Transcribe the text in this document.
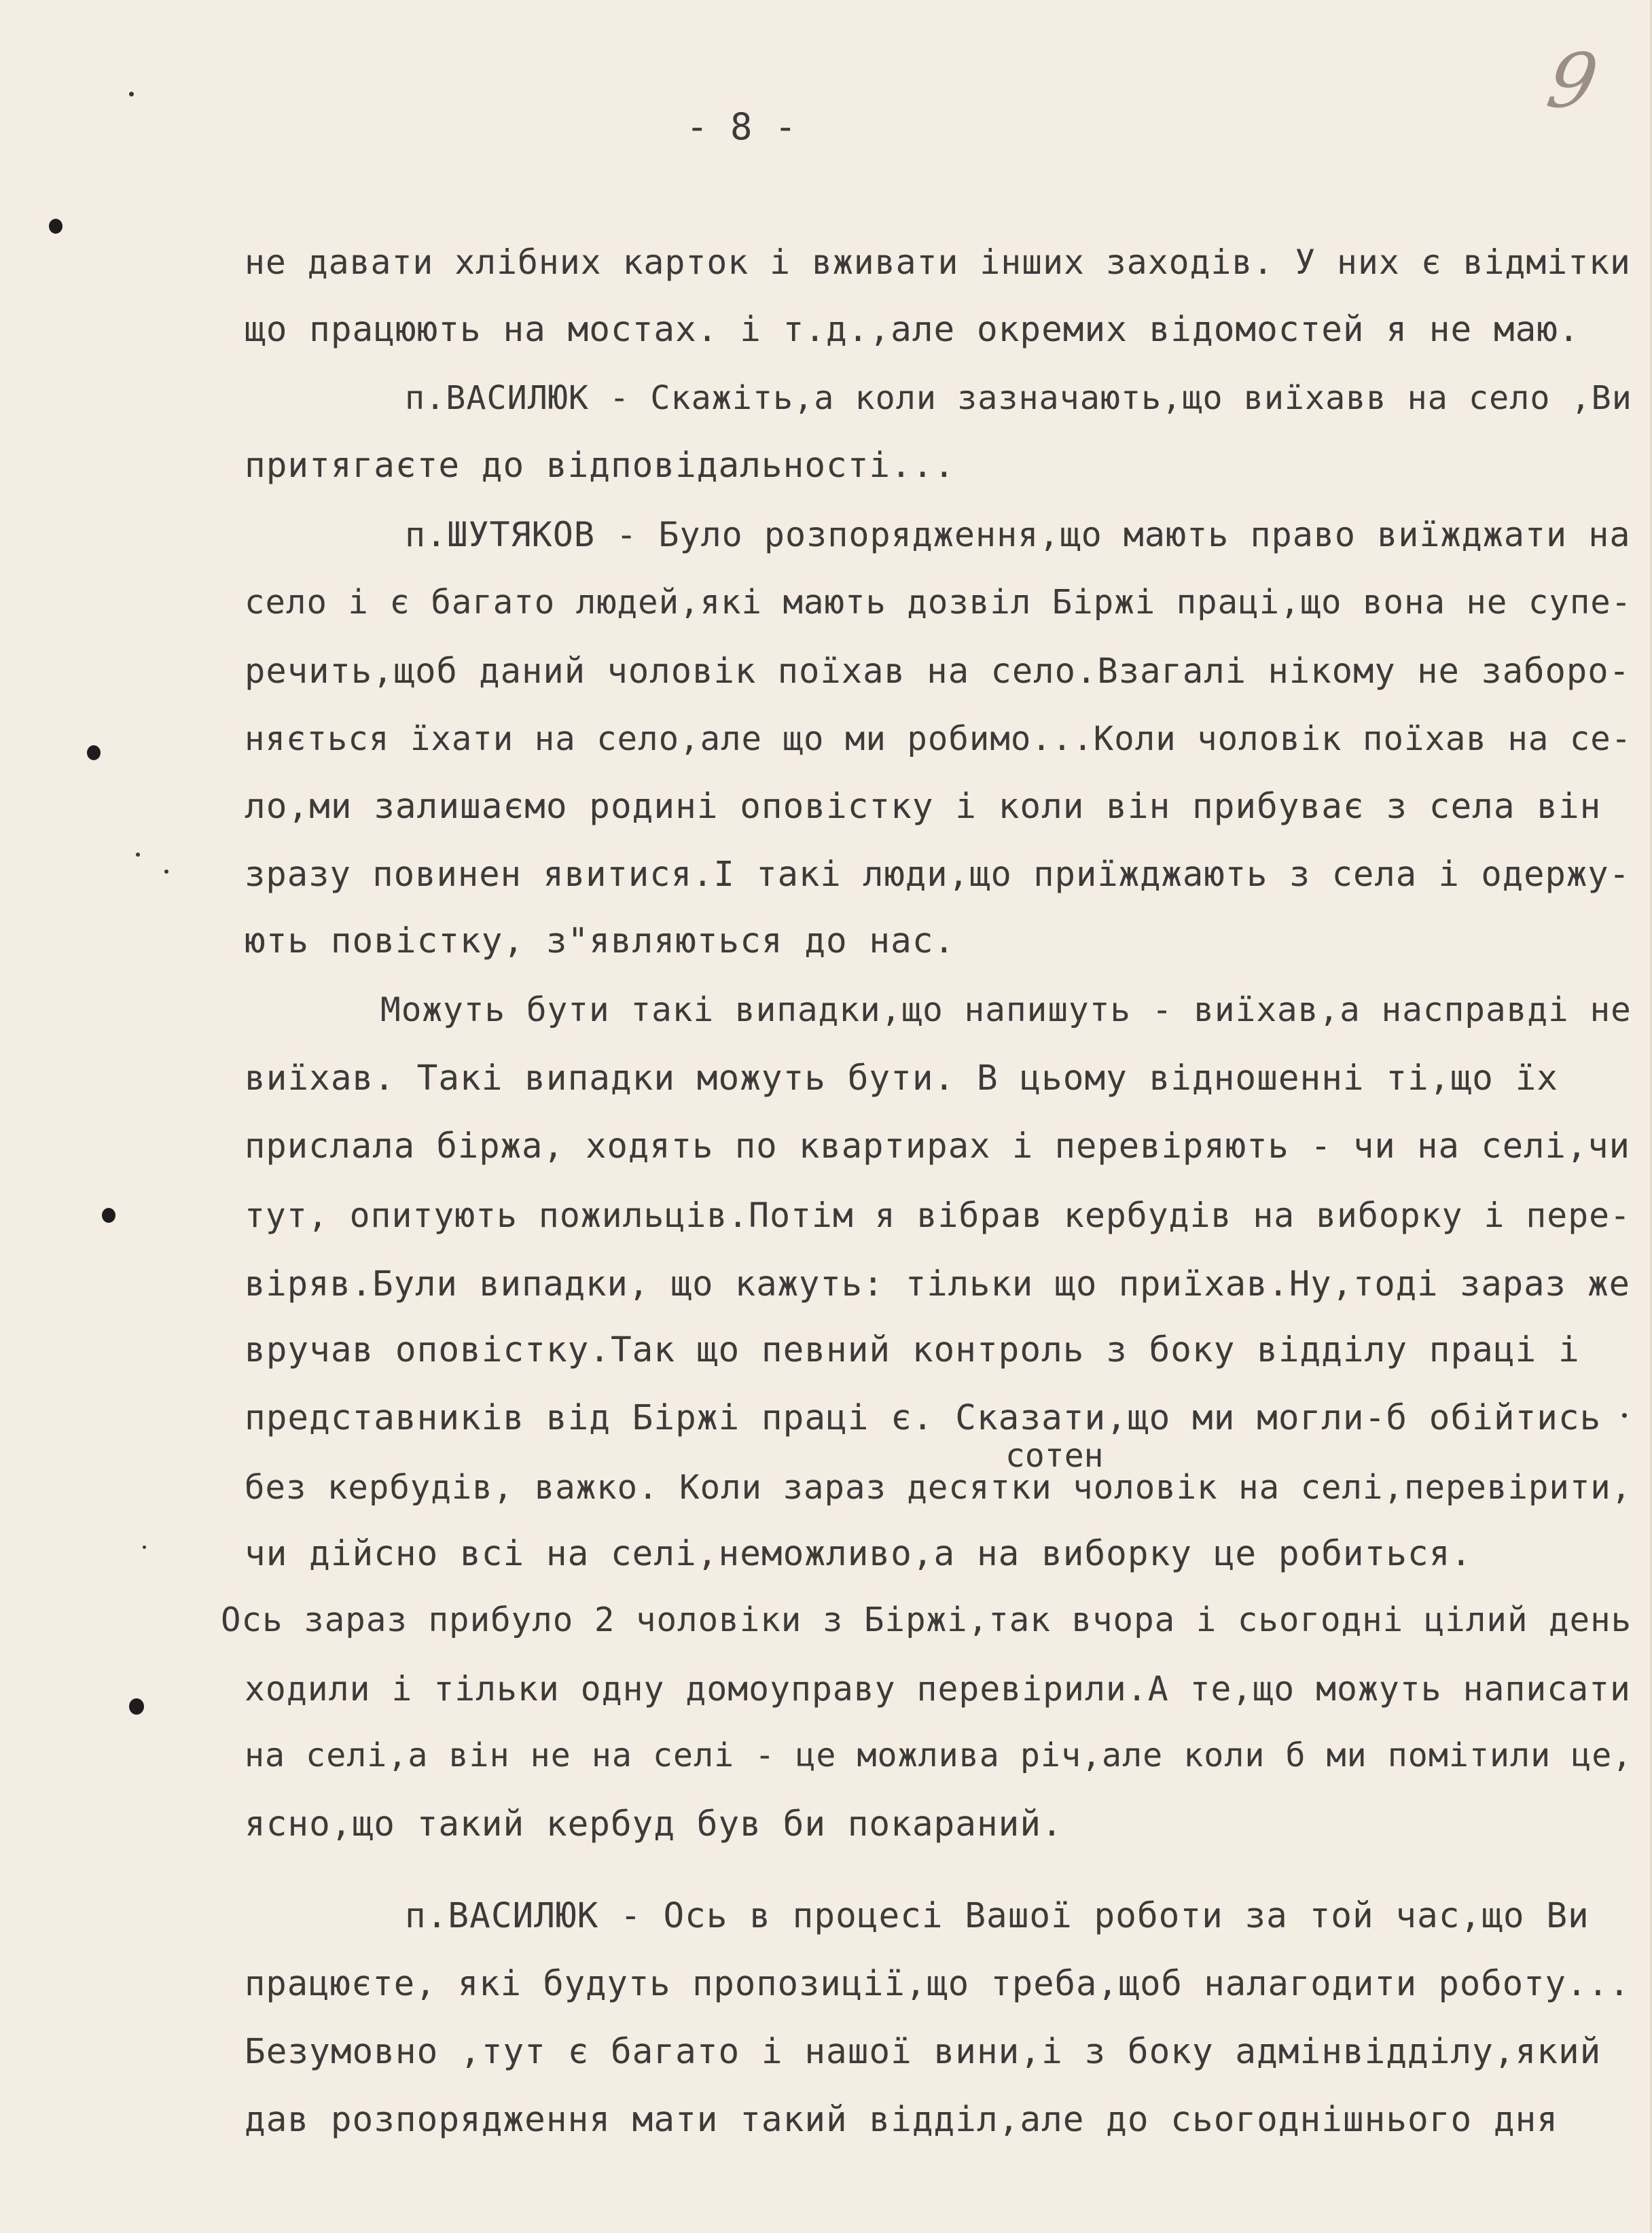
9
- 8 -
сотен
не давати хлібних карток і вживати інших заходів. У них є відмітки
що працюють на мостах. і т.д.,але окремих відомостей я не маю.
п.ВАСИЛЮК - Скажіть,а коли зазначають,що виїхавв на село ,Ви
притягаєте до відповідальності...
п.ШУТЯКОВ - Було розпорядження,що мають право виїжджати на
село і є багато людей,які мають дозвіл Біржі праці,що вона не супе-
речить,щоб даний чоловік поїхав на село.Взагалі нікому не заборо-
няється їхати на село,але що ми робимо...Коли чоловік поїхав на се-
ло,ми залишаємо родині оповістку і коли він прибуває з села він
зразу повинен явитися.І такі люди,що приїжджають з села і одержу-
ють повістку, з"являються до нас.
Можуть бути такі випадки,що напишуть - виїхав,а насправді не
виїхав. Такі випадки можуть бути. В цьому відношенні ті,що їх
прислала біржа, ходять по квартирах і перевіряють - чи на селі,чи
тут, опитують пожильців.Потім я вібрав кербудів на виборку і пере-
віряв.Були випадки, що кажуть: тільки що приїхав.Ну,тоді зараз же
вручав оповістку.Так що певний контроль з боку відділу праці і
представників від Біржі праці є. Сказати,що ми могли-б обійтись
без кербудів, важко. Коли зараз десятки чоловік на селі,перевірити,
чи дійсно всі на селі,неможливо,а на виборку це робиться.
Ось зараз прибуло 2 чоловіки з Біржі,так вчора і сьогодні цілий день
ходили і тільки одну домоуправу перевірили.А те,що можуть написати
на селі,а він не на селі - це можлива річ,але коли б ми помітили це,
ясно,що такий кербуд був би покараний.
п.ВАСИЛЮК - Ось в процесі Вашої роботи за той час,що Ви
працюєте, які будуть пропозиції,що треба,щоб налагодити роботу...
Безумовно ,тут є багато і нашої вини,і з боку адмінвідділу,який
дав розпорядження мати такий відділ,але до сьогоднішнього дня
